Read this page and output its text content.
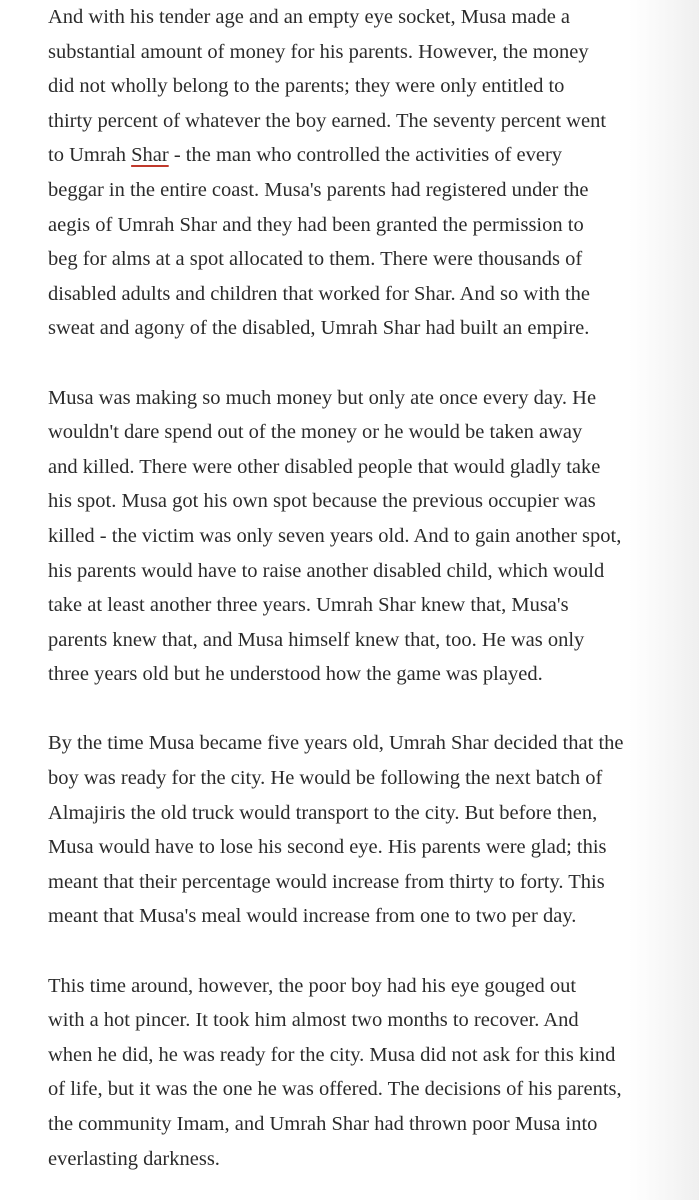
And with his tender age and an empty eye socket, Musa made a
substantial amount of money for his parents. However, the money
did not wholly belong to the parents; they were only entitled to
thirty percent of whatever the boy earned. The seventy percent went
to Umrah Shar - the man who controlled the activities of every
beggar in the entire coast. Musa's parents had registered under the
aegis of Umrah Shar and they had been granted the permission to
beg for alms at a spot allocated to them. There were thousands of
disabled adults and children that worked for Shar. And so with the
sweat and agony of the disabled, Umrah Shar had built an empire.
Musa was making so much money but only ate once every day. He
wouldn't dare spend out of the money or he would be taken away
and killed. There were other disabled people that would gladly take
his spot. Musa got his own spot because the previous occupier was
killed - the victim was only seven years old. And to gain another spot,
his parents would have to raise another disabled child, which would
take at least another three years. Umrah Shar knew that, Musa's
parents knew that, and Musa himself knew that, too. He was only
three years old but he understood how the game was played.
By the time Musa became five years old, Umrah Shar decided that the
boy was ready for the city. He would be following the next batch of
Almajiris the old truck would transport to the city. But before then,
Musa would have to lose his second eye. His parents were glad; this
meant that their percentage would increase from thirty to forty. This
meant that Musa's meal would increase from one to two per day.
This time around, however, the poor boy had his eye gouged out
with a hot pincer. It took him almost two months to recover. And
when he did, he was ready for the city. Musa did not ask for this kind
of life, but it was the one he was offered. The decisions of his parents,
the community Imam, and Umrah Shar had thrown poor Musa into
everlasting darkness.
